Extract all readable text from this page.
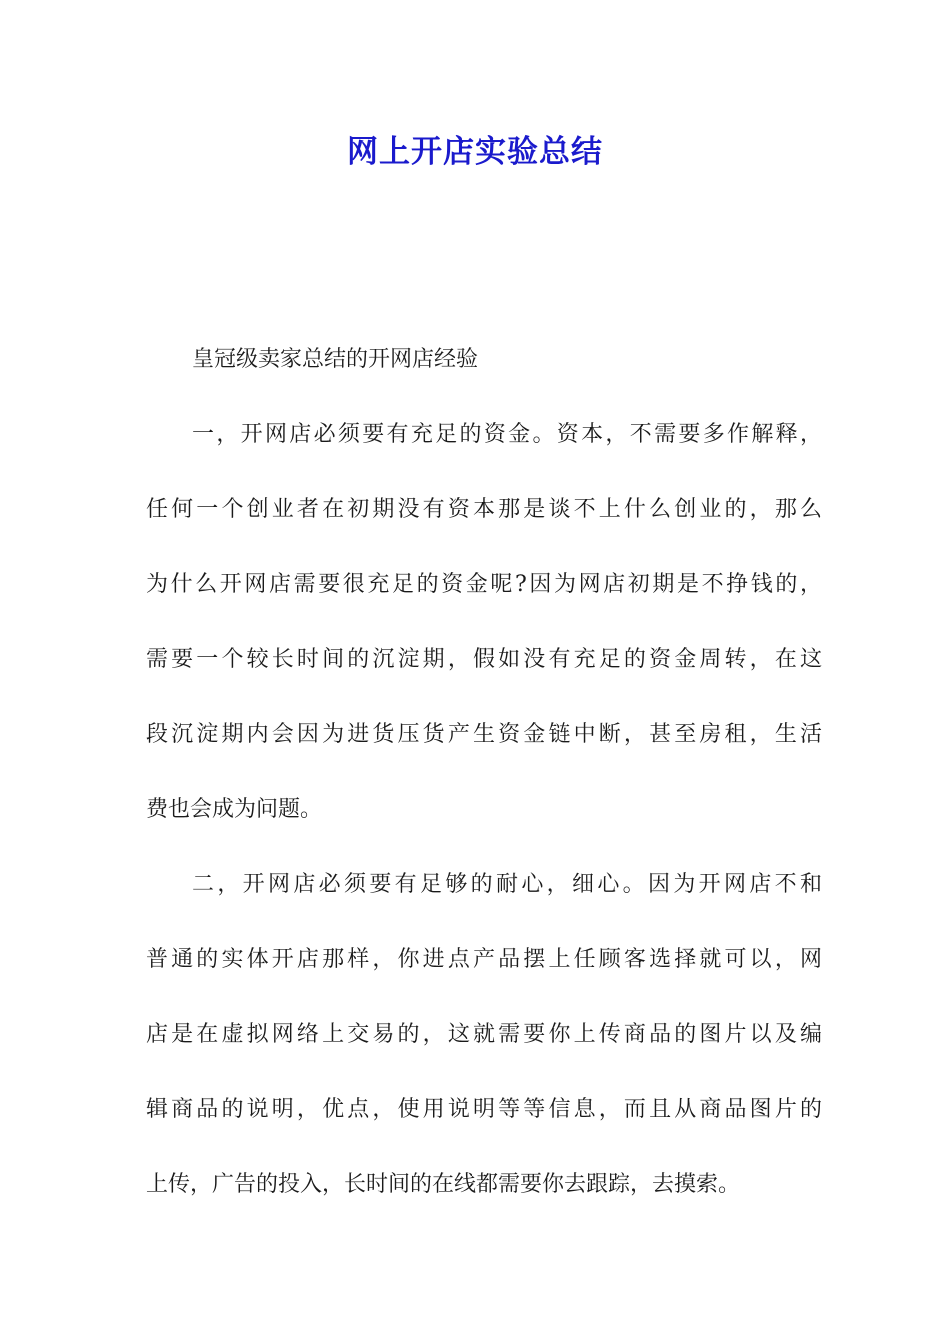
网上开店实验总结
皇冠级卖家总结的开网店经验
一，开网店必须要有充足的资金。资本，不需要多作解释，
任何一个创业者在初期没有资本那是谈不上什么创业的，那么
为什么开网店需要很充足的资金呢?因为网店初期是不挣钱的，
需要一个较长时间的沉淀期，假如没有充足的资金周转，在这
段沉淀期内会因为进货压货产生资金链中断，甚至房租，生活
费也会成为问题。
二，开网店必须要有足够的耐心，细心。因为开网店不和
普通的实体开店那样，你进点产品摆上任顾客选择就可以，网
店是在虚拟网络上交易的，这就需要你上传商品的图片以及编
辑商品的说明，优点，使用说明等等信息，而且从商品图片的
上传，广告的投入，长时间的在线都需要你去跟踪，去摸索。
